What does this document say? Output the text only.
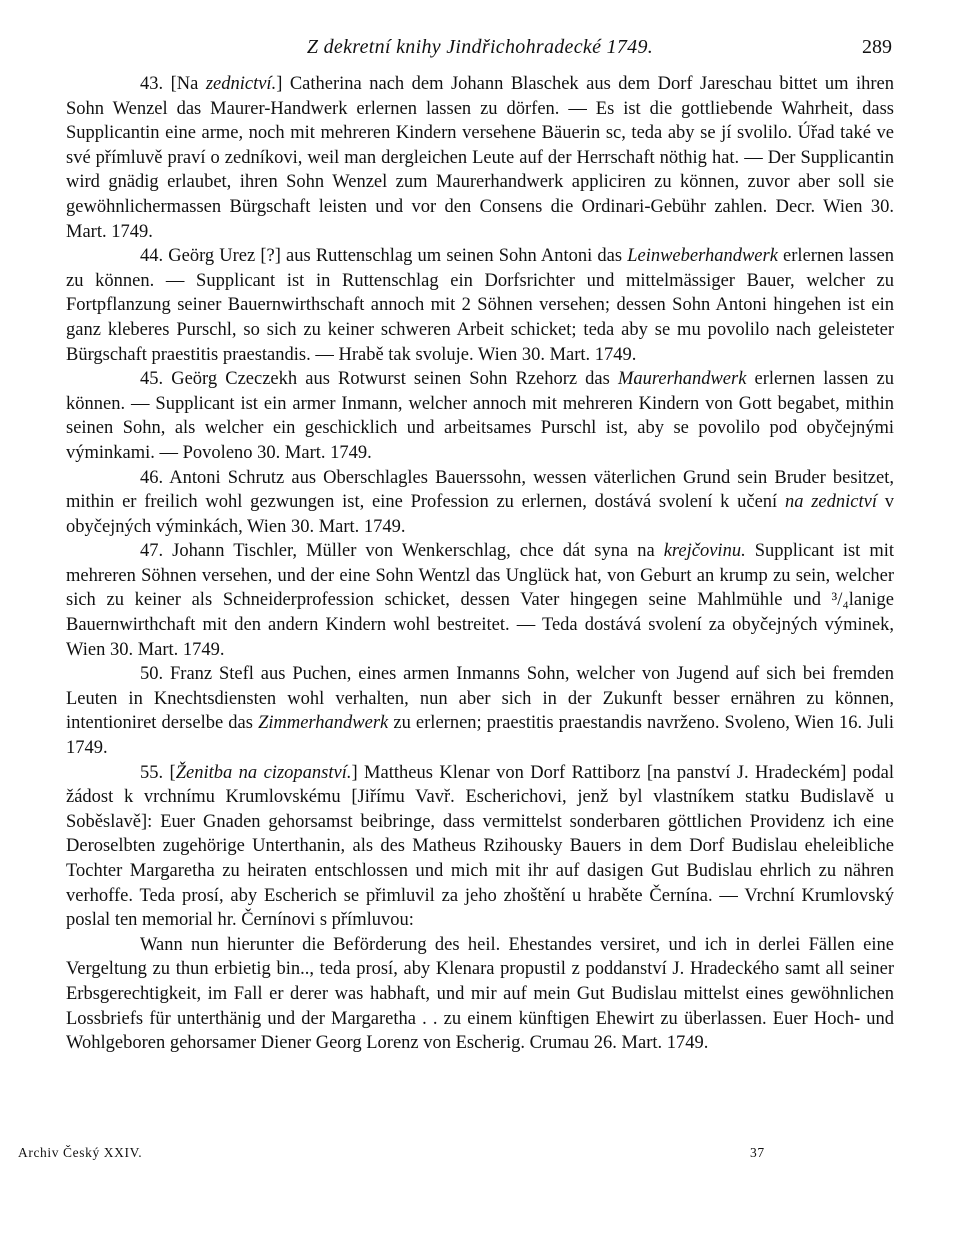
Z dekretní knihy Jindřichohradecké 1749.	289

43. [Na zednictví.] Catherina nach dem Johann Blaschek aus dem Dorf Jareschau bittet um ihren Sohn Wenzel das Maurer-Handwerk erlernen lassen zu dörfen. — Es ist die gottliebende Wahrheit, dass Supplicantin eine arme, noch mit mehreren Kindern versehene Bäuerin sc, teda aby se jí svolilo. Úřad také ve své přímluvě praví o zedníkovi, weil man dergleichen Leute auf der Herrschaft nöthig hat. — Der Supplicantin wird gnädig erlaubet, ihren Sohn Wenzel zum Maurerhandwerk appliciren zu können, zuvor aber soll sie gewöhnlichermassen Bürgschaft leisten und vor den Consens die Ordinari-Gebühr zahlen. Decr. Wien 30. Mart. 1749.

44. Geörg Urez [?] aus Ruttenschlag um seinen Sohn Antoni das Leinweberhandwerk erlernen lassen zu können. — Supplicant ist in Ruttenschlag ein Dorfsrichter und mittelmässiger Bauer, welcher zu Fortpflanzung seiner Bauernwirthschaft annoch mit 2 Söhnen versehen; dessen Sohn Antoni hingehen ist ein ganz kleberes Purschl, so sich zu keiner schweren Arbeit schicket; teda aby se mu povolilo nach geleisteter Bürgschaft praestitis praestandis. — Hrabě tak svoluje. Wien 30. Mart. 1749.

45. Geörg Czeczekh aus Rotwurst seinen Sohn Rzehorz das Maurerhandwerk erlernen lassen zu können. — Supplicant ist ein armer Inmann, welcher annoch mit mehreren Kindern von Gott begabet, mithin seinen Sohn, als welcher ein geschicklich und arbeitsames Purschl ist, aby se povolilo pod obyčejnými výminkami. — Povoleno 30. Mart. 1749.

46. Antoni Schrutz aus Oberschlagles Bauerssohn, wessen väterlichen Grund sein Bruder besitzet, mithin er freilich wohl gezwungen ist, eine Profession zu erlernen, dostává svolení k učení na zednictví v obyčejných výminkách, Wien 30. Mart. 1749.

47. Johann Tischler, Müller von Wenkerschlag, chce dát syna na krejčovinu. Supplicant ist mit mehreren Söhnen versehen, und der eine Sohn Wentzl das Unglück hat, von Geburt an krump zu sein, welcher sich zu keiner als Schneiderprofession schicket, dessen Vater hingegen seine Mahlmühle und ³/₄lanige Bauernwirthchaft mit den andern Kindern wohl bestreitet. — Teda dostává svolení za obyčejných výminek, Wien 30. Mart. 1749.

50. Franz Stefl aus Puchen, eines armen Inmanns Sohn, welcher von Jugend auf sich bei fremden Leuten in Knechtsdiensten wohl verhalten, nun aber sich in der Zukunft besser ernähren zu können, intentioniret derselbe das Zimmerhandwerk zu erlernen; praestitis praestandis navrženo. Svoleno, Wien 16. Juli 1749.

55. [Ženitba na cizopanství.] Mattheus Klenar von Dorf Rattiborz [na panství J. Hradeckém] podal žádost k vrchnímu Krumlovskému [Jiřímu Vavř. Escherichovi, jenž byl vlastníkem statku Budislavě u Soběslavě]: Euer Gnaden gehorsamst beibringe, dass vermittelst sonderbaren göttlichen Providenz ich eine Deroselbten zugehörige Unterthanin, als des Matheus Rzihousky Bauers in dem Dorf Budislau eheleibliche Tochter Margaretha zu heiraten entschlossen und mich mit ihr auf dasigen Gut Budislau ehrlich zu nähren verhoffe. Teda prosí, aby Escherich se přimluvil za jeho zhoštění u hraběte Černína. — Vrchní Krumlovský poslal ten memorial hr. Černínovi s přímluvou:

Wann nun hierunter die Beförderung des heil. Ehestandes versiret, und ich in derlei Fällen eine Vergeltung zu thun erbietig bin.., teda prosí, aby Klenara propustil z poddanství J. Hradeckého samt all seiner Erbsgerechtigkeit, im Fall er derer was habhaft, und mir auf mein Gut Budislau mittelst eines gewöhnlichen Lossbriefs für unterthänig und der Margaretha . . zu einem künftigen Ehewirt zu überlassen. Euer Hoch- und Wohlgeboren gehorsamer Diener Georg Lorenz von Escherig. Crumau 26. Mart. 1749.

Archiv Český XXIV.	37
